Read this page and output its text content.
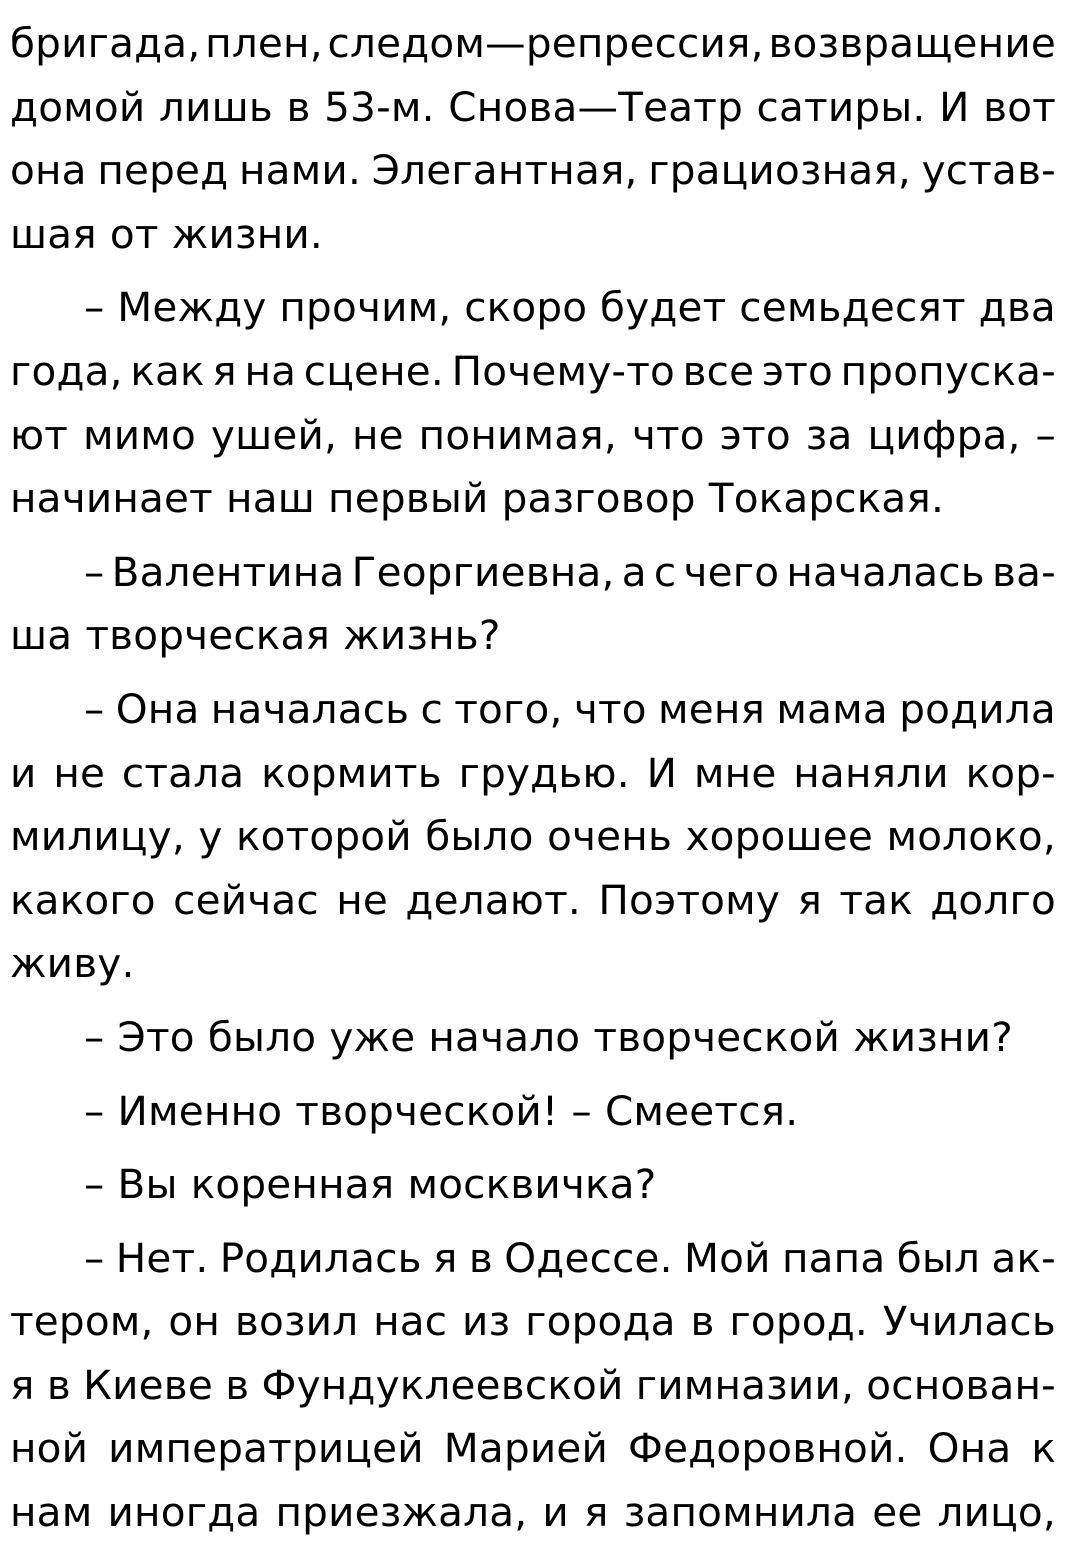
бригада, плен, следом—репрессия, возвращение
домой лишь в 53-м. Снова—Театр сатиры. И вот
она перед нами. Элегантная, грациозная, устав-
шая от жизни.
– Между прочим, скоро будет семьдесят два
года, как я на сцене. Почему-то все это пропуска-
ют мимо ушей, не понимая, что это за цифра, –
начинает наш первый разговор Токарская.
– Валентина Георгиевна, а с чего началась ва-
ша творческая жизнь?
– Она началась с того, что меня мама родила
и не стала кормить грудью. И мне наняли кор-
милицу, у которой было очень хорошее молоко,
какого сейчас не делают. Поэтому я так долго
живу.
– Это было уже начало творческой жизни?
– Именно творческой! – Смеется.
– Вы коренная москвичка?
– Нет. Родилась я в Одессе. Мой папа был ак-
тером, он возил нас из города в город. Училась
я в Киеве в Фундуклеевской гимназии, основан-
ной императрицей Марией Федоровной. Она к
нам иногда приезжала, и я запомнила ее лицо,
